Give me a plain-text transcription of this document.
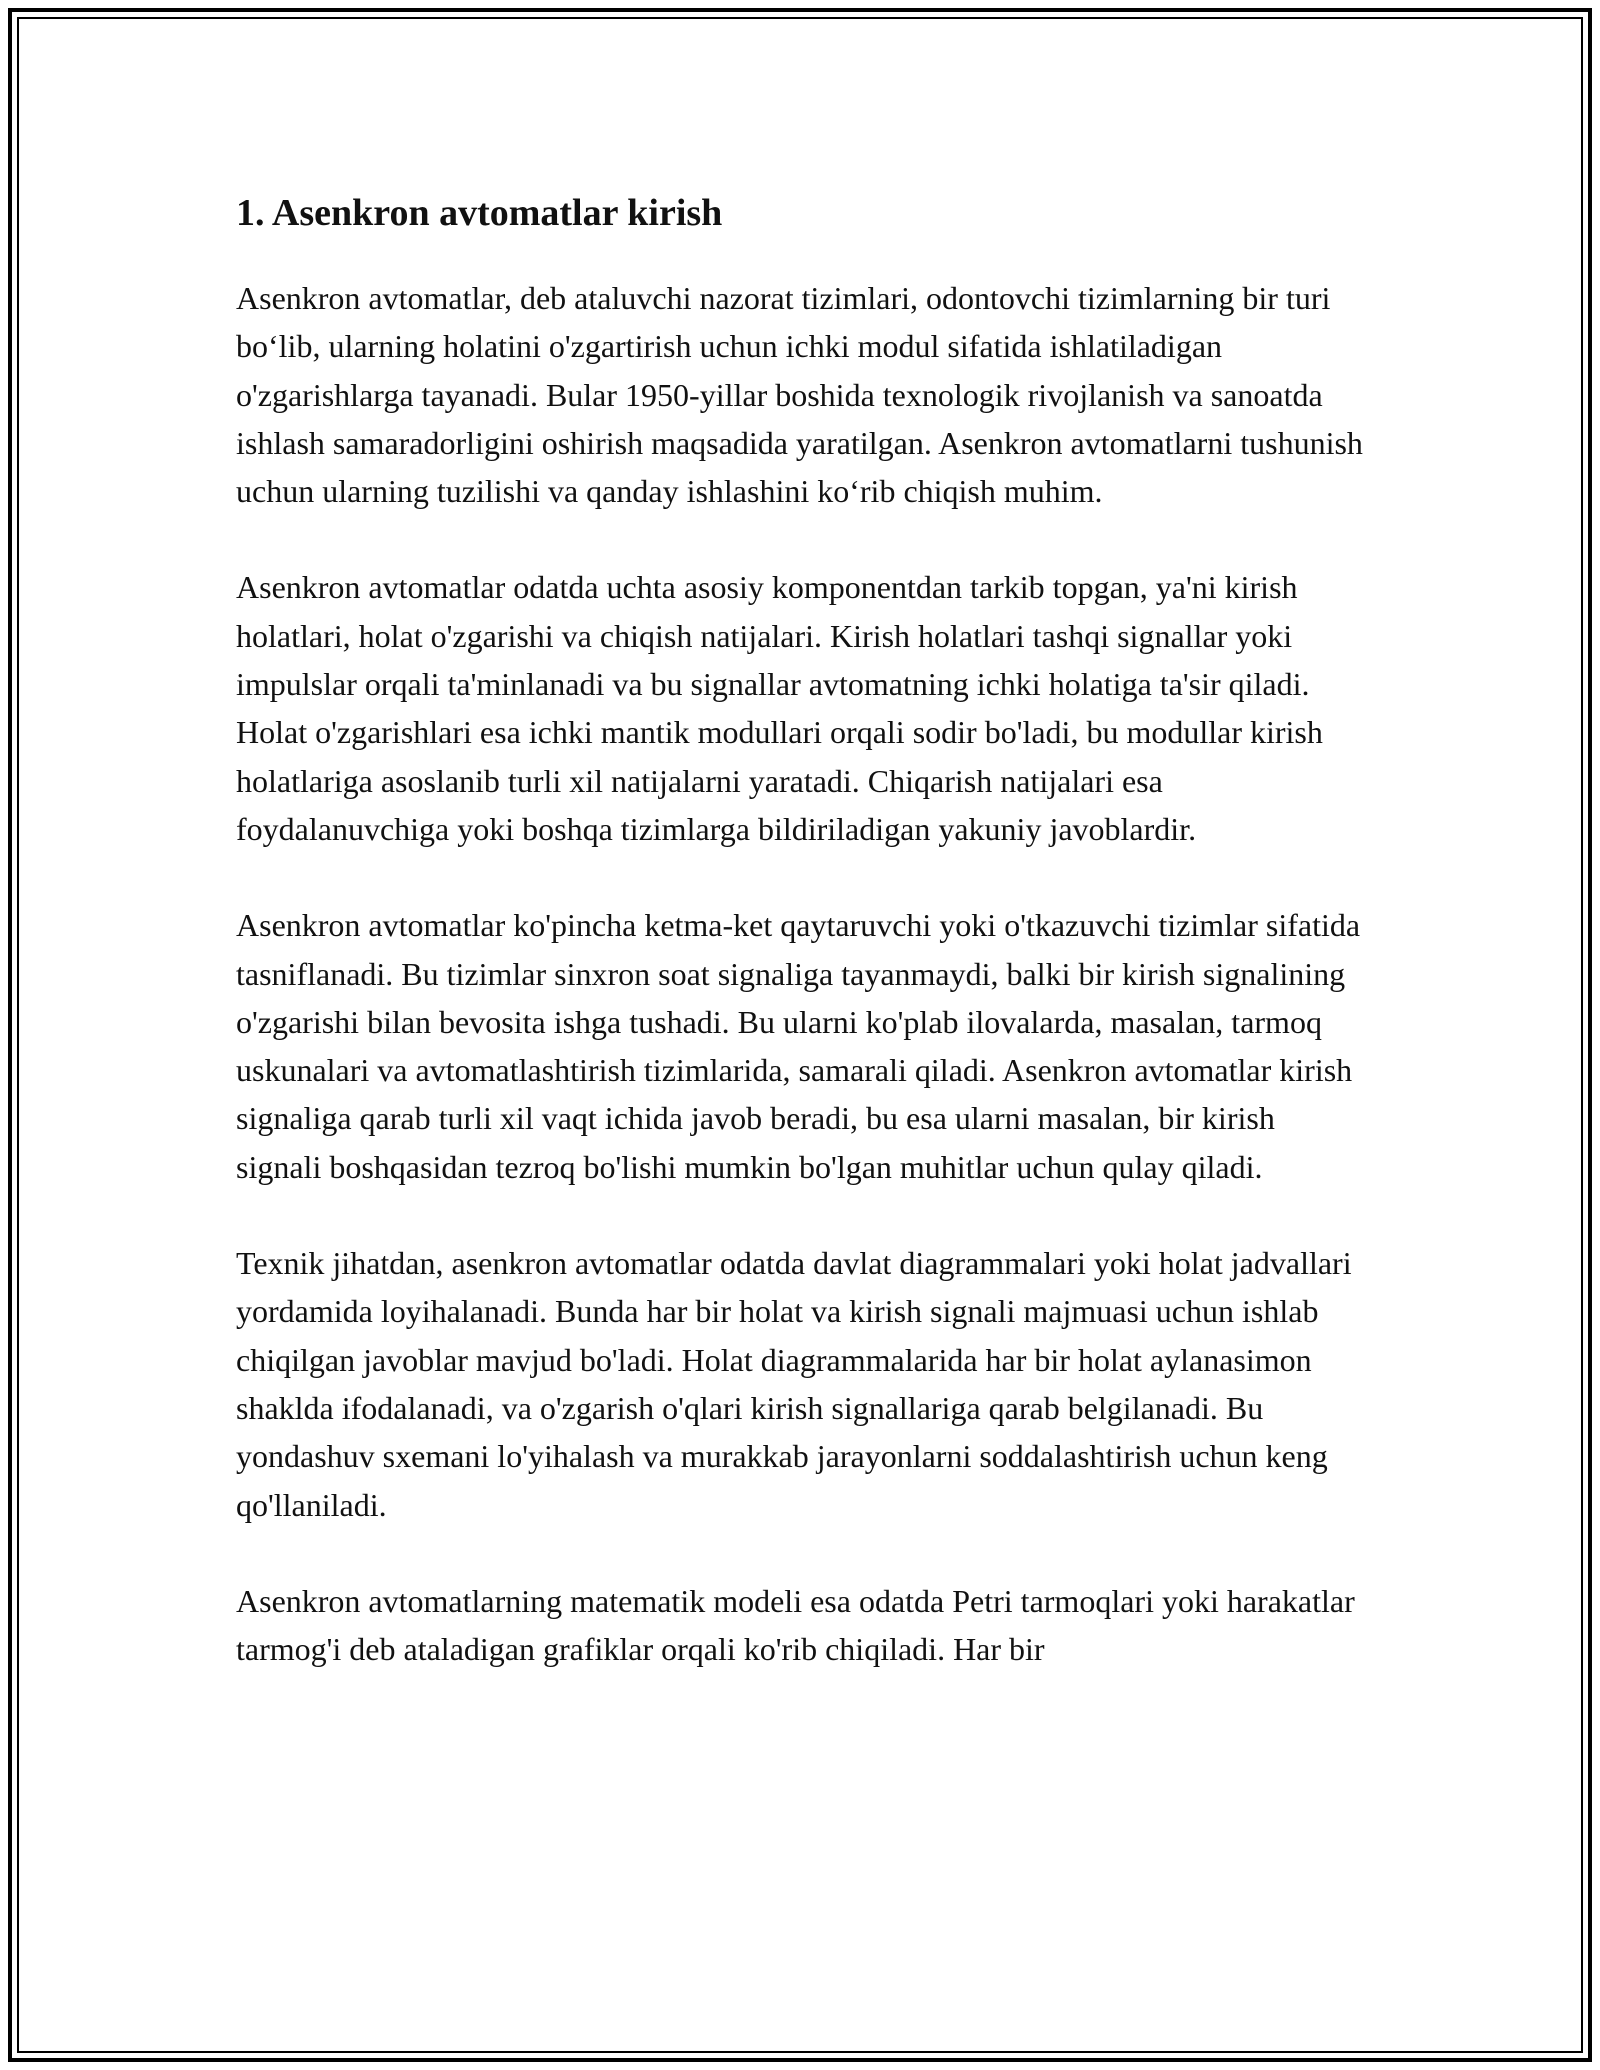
1. Asenkron avtomatlar kirish

Asenkron avtomatlar, deb ataluvchi nazorat tizimlari, odontovchi tizimlarning bir turi bo‘lib, ularning holatini o'zgartirish uchun ichki modul sifatida ishlatiladigan o'zgarishlarga tayanadi. Bular 1950-yillar boshida texnologik rivojlanish va sanoatda ishlash samaradorligini oshirish maqsadida yaratilgan. Asenkron avtomatlarni tushunish uchun ularning tuzilishi va qanday ishlashini ko‘rib chiqish muhim.

Asenkron avtomatlar odatda uchta asosiy komponentdan tarkib topgan, ya'ni kirish holatlari, holat o'zgarishi va chiqish natijalari. Kirish holatlari tashqi signallar yoki impulslar orqali ta'minlanadi va bu signallar avtomatning ichki holatiga ta'sir qiladi. Holat o'zgarishlari esa ichki mantik modullari orqali sodir bo'ladi, bu modullar kirish holatlariga asoslanib turli xil natijalarni yaratadi. Chiqarish natijalari esa foydalanuvchiga yoki boshqa tizimlarga bildiriladigan yakuniy javoblardir.

Asenkron avtomatlar ko'pincha ketma-ket qaytaruvchi yoki o'tkazuvchi tizimlar sifatida tasniflanadi. Bu tizimlar sinxron soat signaliga tayanmaydi, balki bir kirish signalining o'zgarishi bilan bevosita ishga tushadi. Bu ularni ko'plab ilovalarda, masalan, tarmoq uskunalari va avtomatlashtirish tizimlarida, samarali qiladi. Asenkron avtomatlar kirish signaliga qarab turli xil vaqt ichida javob beradi, bu esa ularni masalan, bir kirish signali boshqasidan tezroq bo'lishi mumkin bo'lgan muhitlar uchun qulay qiladi.

Texnik jihatdan, asenkron avtomatlar odatda davlat diagrammalari yoki holat jadvallari yordamida loyihalanadi. Bunda har bir holat va kirish signali majmuasi uchun ishlab chiqilgan javoblar mavjud bo'ladi. Holat diagrammalarida har bir holat aylanasimon shaklda ifodalanadi, va o'zgarish o'qlari kirish signallariga qarab belgilanadi. Bu yondashuv sxemani lo'yihalash va murakkab jarayonlarni soddalashtirish uchun keng qo'llaniladi.

Asenkron avtomatlarning matematik modeli esa odatda Petri tarmoqlari yoki harakatlar tarmog'i deb ataladigan grafiklar orqali ko'rib chiqiladi. Har bir
